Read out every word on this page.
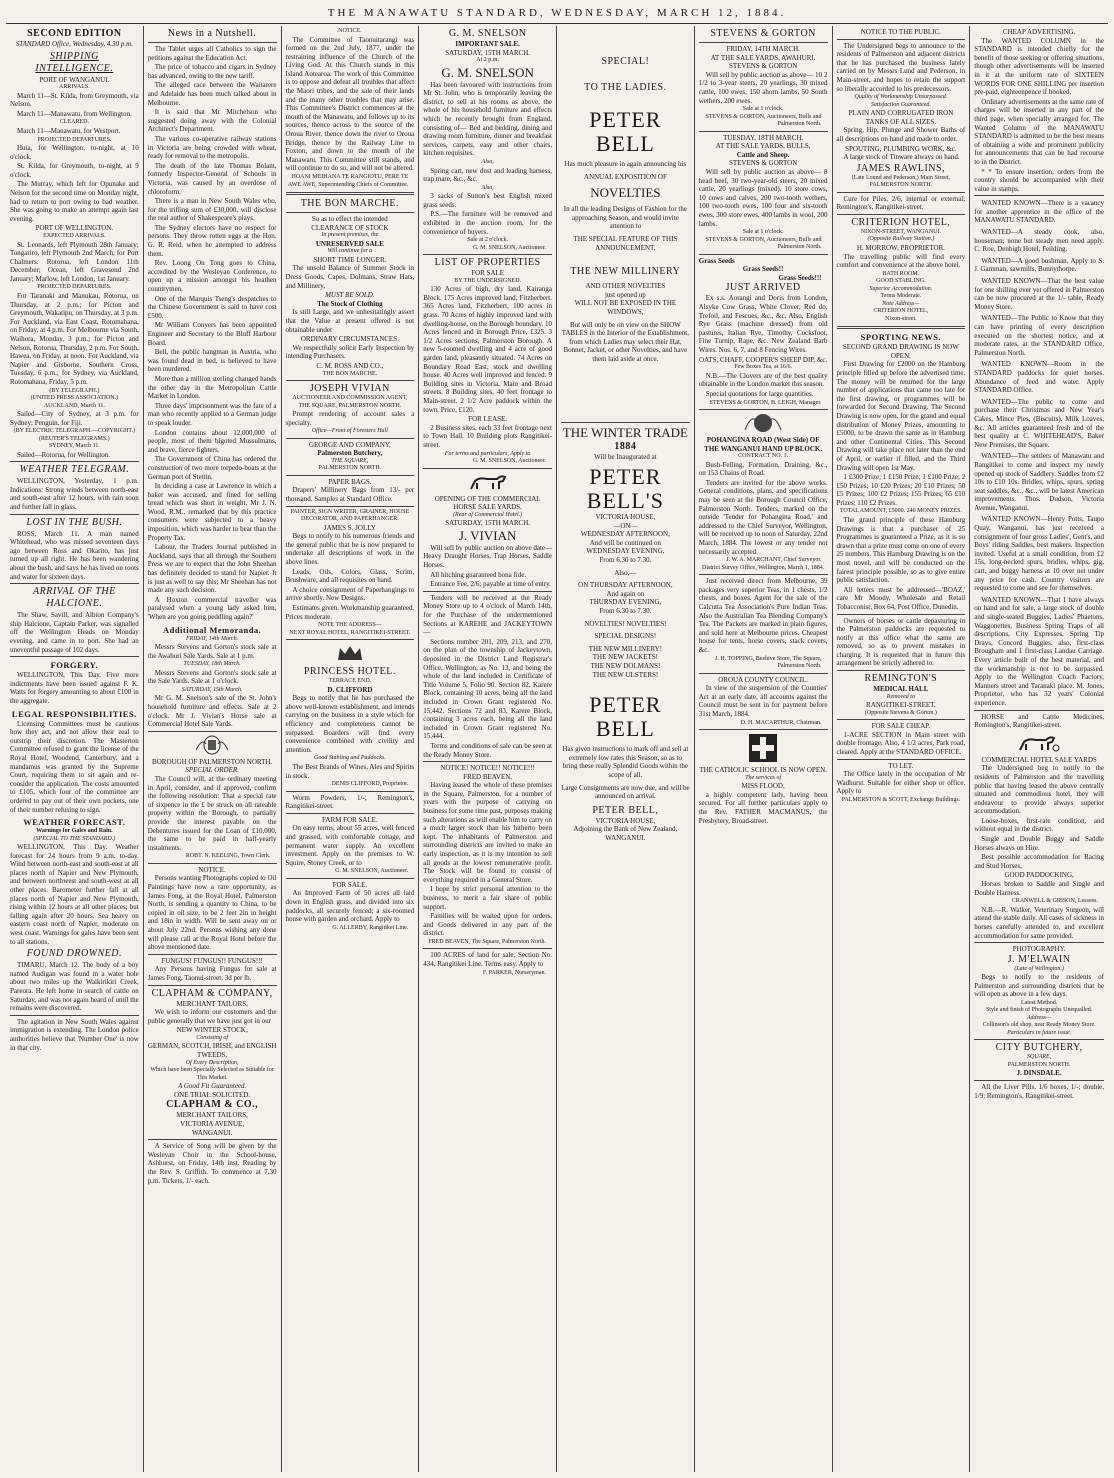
THE MANAWATU STANDARD, WEDNESDAY, MARCH 12, 1884.
SECOND EDITION
STANDARD Office, Wednesday, 4.30 p.m.
SHIPPING INTELLIGENCE.
PORT OF WANGANUI.
ARRIVALS.

March 11—St. Kilda, from Greymouth, via Nelson.

March 11—Manawatu, from Wellington.

CLEARED.

March 11—Manawatu, for Westport.

PROJECTED DEPARTURES.

Huia, for Wellington, to-night, at 10 o'clock.

St. Kilda, for Greymouth, to-night, at 9 o'clock.

The Murray, which left for Opunake and Nelson for the second time on Monday night, had to return to port owing to bad weather. She was going to make an attempt again last evening.

PORT OF WELLINGTON.
EXPECTED ARRIVALS.

St. Leonards, left Plymouth 28th January; Tongariro, left Plymouth 2nd March, for Port Chalmers. Rotorua, left London 11th December; Ocean, left Gravesend 2nd January; Marlow, left London, 1st January.

PROJECTED DEPARTURES.

For Taranaki and Manukau, Rotorua, on Thursday, at 2 p.m.; for Picton and Greymouth, Wakatipu, on Thursday, at 3 p.m. For Auckland, via East Coast, Rotomahana, on Friday, at 4 p.m. For Melbourne via South, Waihora, Monday, 3 p.m.; for Picton and Nelson, Rotorua, Thursday, 2 p.m. For South, Hawea, on Friday, at noon. For Auckland, via Napier and Gisborne, Southern Cross, Tuesday, 6 p.m.; for Sydney, via Auckland, Rotomahana, Friday, 5 p.m.

(BY TELEGRAPH.)
(UNITED PRESS ASSOCIATION.)
AUCKLAND, March 11.

Sailed—City of Sydney, at 3 p.m. for Sydney; Penguin, for Fiji.

(BY ELECTRIC TELEGRAPH.—COPYRIGHT.) (REUTER'S TELEGRAMS.)
SYDNEY, March 11.

Sailed—Rotorua, for Wellington.

WEATHER TELEGRAM.

WELLINGTON, Yesterday, 1 p.m. Indications: Strong winds between north-east and south-east after 12 hours, with rain soon and further fall in glass.

LOST IN THE BUSH.

ROSS, March 11. A man named Whitehead, who was missed seventeen days ago between Ross and Okarito, has just turned up all right. He has been wandering about the bush, and says he has lived on roots and water for sixteen days.

ARRIVAL OF THE HALCIONE.

The Shaw, Savill, and Albion Company's ship Halcione, Captain Parker, was signalled off the Wellington Heads on Monday evening, and came in to port. She had an uneventful passage of 102 days.

FORGERY.

WELLINGTON, This Day. Five more indictments have been issued against F. K. Watts for forgery amounting to about £100 in the aggregate.

LEGAL RESPONSIBILITIES.

Licensing Committees must be cautious how they act, and not allow their zeal to outstrip their discretion. The Masterton Committee refused to grant the license of the Royal Hotel, Woodend, Canterbury, and a mandamus was granted by the Supreme Court, requiring them to sit again and re-consider the application. The costs amounted to £105, which four of the committee are ordered to pay out of their own pockets, one of their number refusing to sign.

WEATHER FORECAST.
Warnings for Gales and Rain.
(SPECIAL TO THE STANDARD.)

WELLINGTON, This Day. Weather forecast for 24 hours from 9 a.m. to-day. Wind between north-east and south-east at all places north of Napier and New Plymouth, and between northwest and south-west at all other places. Barometer further fall at all places north of Napier and New Plymouth, rising within 12 hours at all other places; but falling again after 20 hours. Sea heavy on eastern coast north of Napier, moderate on west coast. Warnings for gales have been sent to all stations.

FOUND DROWNED.

TIMARU, March 12. The body of a boy named Audigan was found in a water hole about two miles up the Waikirikiri Creek, Pareora. He left home in search of cattle on Saturday, and was not again heard of until the remains were discovered.

The agitation in New South Wales against immigration is extending. The London police authorities believe that 'Number One' is now in that city.

News in a Nutshell.

The Tablet urges all Catholics to sign the petitions against the Education Act.

The price of tobacco and cigars in Sydney has advanced, owing to the new tariff.

The alleged race between the Waitarere and Adelaide has been much talked about in Melbourne.

It is said that Mr Mitchelson who suggested doing away with the Colonial Architect's Department.

The various co-operative railway stations in Victoria are being crowded with wheat, ready for removal to the metropolis.

The death of the late Thomas Bolam, formerly Inspector-General of Schools in Victoria, was caused by an overdose of chloroform.

There is a man in New South Wales who, for the trifling sum of £30,000, will disclose the real author of Shakespeare's plays.

The Sydney electors have no respect for persons. They throw rotten eggs at the Hon. G. R. Reid, when he attempted to address them.

Rev. Loong On Tong goes to China, accredited by the Wesleyan Conference, to open up a mission amongst his heathen countrymen.

One of the Marquis Tseng's despatches to the Chinese Government is said to have cost £500.

Mr William Conyers has been appointed Engineer and Secretary to the Bluff Harbour Board.

Bell, the public hangman in Austria, who was found dead in bed, is believed to have been murdered.

More than a million sterling changed hands the other day in the Metropolitan Cattle Market in London.

Three days' imprisonment was the fate of a man who recently applied to a German judge to speak louder.

London contains about 12,000,000 of people, most of them bigoted Mussulmans, and brave, fierce fighters.

The Government of China has ordered the construction of two more torpedo-boats at the German port of Stettin.

In deciding a case at Lawrence in which a baker was accused, and fined for selling bread which was short in weight, Mr J. N. Wood, R.M., remarked that by this practice consumers were subjected to a heavy imposition, which was harder to bear than the Property Tax.

Labour, the Traders Journal published in Auckland, says that all through the Southern Press we are to expect that the John Sheehan has definitely decided to stand for Napier. It is just as well to say this; Mr Sheehan has not made any such decision.

A Hoxton commercial traveller was paralysed when a young lady asked him, 'When are you going peddling again?'

Additional Memoranda.
FRIDAY, 14th March.

Messrs Stevens and Gorton's stock sale at the Awahuri Sale Yards. Sale at 1 p.m.

TUESDAY, 18th March.

Messrs Stevens and Gorton's stock sale at the Sale Yards. Sale at 1 o'clock.

SATURDAY, 15th March.

Mr G. M. Snelson's sale of the St. John's household furniture and effects. Sale at 2 o'clock. Mr J. Vivian's Horse sale at Commercial Hotel Sale Yards.

BOROUGH OF PALMERSTON NORTH.
SPECIAL ORDER.

The Council will, at the ordinary meeting in April, consider, and if approved, confirm the following resolution: That a special rate of sixpence in the £ be struck on all rateable property within the Borough, to partially provide the interest payable on the Debentures issued for the Loan of £10,000, the same to be paid in half-yearly instalments.

ROBT. N. KEELING, Town Clerk.
NOTICE.

Persons wanting Photographs copied to Oil Paintings have now a rare opportunity, as James Fong, at the Royal Hotel, Palmerston North, is sending a quantity to China, to be copied in oil size, to be 2 feet 2in in height and 18in in width. Will be sent away on or about July 22nd. Persons wishing any done will please call at the Royal Hotel before the above mentioned date.

FUNGUS! FUNGUS!! FUNGUS!!!

Any Persons having Fungus for sale at James Fong, Taonui-street. 3d per lb.

CLAPHAM & COMPANY,
MERCHANT TAILORS,

We wish to inform our customers and the public generally that we have just got in our

NEW WINTER STOCK,
Consisting of
GERMAN, SCOTCH, IRISH, and ENGLISH TWEEDS,
Of Every Description,
Which have been Specially Selected as Suitable for This Market.
A Good Fit Guaranteed.
ONE TRIAL SOLICITED.
CLAPHAM & CO.,
MERCHANT TAILORS,
VICTORIA AVENUE,
WANGANUI.

A Service of Song will be given by the Wesleyan Choir in the School-house, Ashhurst, on Friday, 14th inst. Reading by the Rev. S. Griffith. To commence at 7.30 p.m. Tickets, 1/- each.

NOTICE.

The Committee of Taonuitarangi was formed on the 2nd July, 1877, under the restraining influence of the Church of the Living God. At this Church stands in this Island Aotearoa. The work of this Committee is to oppose and defeat all troubles that affect the Maori tribes, and the sale of their lands and the many other troubles that may arise. This Committee's District commences at the mouth of the Manawatu, and follows up to its sources, thence across to the source of the Oroua River, thence down the river to Oroua Bridge, thence by the Railway Line to Foxton, and down to the mouth of the Manawatu. This Committee still stands, and will continue to do so, and will not be altered.

HOANI MEIHANA TE RANGIOTU, PERE TE AWE AWE, Superintending Chiefs of Committee.
THE BON MARCHE.
So as to effect the intended
CLEARANCE OF STOCK
In present premises, the
UNRESERVED SALE
Will continue for a
SHORT TIME LONGER.

The unsold Balance of Summer Stock in Dress Goods, Capes, Dolmans, Straw Hats, and Millinery,

MUST BE SOLD.
The Stock of Clothing

Is still Large, and we unhesitatingly assert that the Value at present offered is not obtainable under

ORDINARY CIRCUMSTANCES.

We respectfully solicit Early Inspection by intending Purchasers.

C. M. ROSS AND CO.,
THE BON MARCHE.
JOSEPH VIVIAN
AUCTIONEER AND COMMISSION AGENT,
THE SQUARE, PALMERSTON NORTH.

Prompt rendering of account sales a specialty.

Office—Front of Foresters Hall
GEORGE AND COMPANY,
Palmerston Butchery,
THE SQUARE,
PALMERSTON NORTH.
PAPER BAGS.

Drapers' Millinery Bags from 13/- per thousand. Samples at Standard Office.

PAINTER, SIGN WRITER, GRAINER, HOUSE DECORATOR, AND PAPERHANGER.
JAMES S. JOLLY

Begs to notify to his numerous friends and the general public that he is now prepared to undertake all descriptions of work in the above lines.

Leads, Oils, Colors, Glass, Scrim, Brushware, and all requisites on hand.

A choice consignment of Paperhangings to arrive shortly. New Designs.

Estimates given. Workmanship guaranteed. Prices moderate.

NOTE THE ADDRESS—
NEXT ROYAL HOTEL, RANGITIKEI-STREET.
PRINCESS HOTEL.
TERRACE END.
D. CLIFFORD

Begs to notify that he has purchased the above well-known establishment, and intends carrying on the business in a style which for efficiency and completeness cannot be surpassed. Boarders will find every convenience combined with civility and attention.

Good Stabling and Paddocks.

The Best Brands of Wines, Ales and Spirits in stock.

DENIS CLIFFORD, Proprietor.

Worm Powders, 1/-; Remington's, Rangitikei-street.

FARM FOR SALE.

On easy terms, about 55 acres, well fenced and grassed, with comfortable cottage, and permanent water supply. An excellent investment. Apply on the premises to W. Squire, Stoney Creek, or to

G. M. SNELSON, Auctioneer.
FOR SALE.

An Improved Farm of 50 acres all laid down in English grass, and divided into six paddocks, all securely fenced; a six-roomed house with garden and orchard. Apply to

G. ALLERBY, Rangitikei Line.
G. M. SNELSON
IMPORTANT SALE.
SATURDAY, 15TH MARCH.
At 2 p.m.
G. M. SNELSON

Has been favoured with instructions from Mr St. John, who is temporarily leaving the district, to sell at his rooms as above, the whole of his household furniture and effects which he recently brought from England, consisting of— Bed and bedding, dining and drawing room furniture, dinner and breakfast services, carpets, easy and other chairs, kitchen requisites.

Also,

Spring cart, new dust and leading harness, trap mare, &c., &c.

Also,

3 sacks of Sutton's best English mixed grass seeds.

P.S.—The furniture will be removed and exhibited in the auction room, for the convenience of buyers.

Sale at 2 o'clock.
G. M. SNELSON, Auctioneer.
LIST OF PROPERTIES
FOR SALE
BY THE UNDERSIGNED.

130 Acres of high, dry land, Kairanga Block. 175 Acres improved land, Fitzherbert. 365 Acres land, Fitzherbert, 100 acres in grass. 70 Acres of highly improved land with dwelling-house, on the Borough boundary. 10 Acres fenced and in Borough Price, £325. 3 1/2 Acres sections, Palmerston Borough. A new 5-roomed dwelling and 4 acre of good garden land, pleasantly situated. 74 Acres on Boundary Road East, stock and dwelling house. 40 Acres well improved and fenced. 9 Building sites in Victoria, Main and Broad streets. 8 Building sites, 40 feet frontage to Main-street. 2 1/2 Acre paddock within the town. Price, £120.

FOR LEASE.

2 Business sites, each 33 feet frontage next to Town Hall. 10 Building plots Rangitikei-street.

For terms and particulars, Apply to
G. M. SNELSON, Auctioneer.
OPENING OF THE COMMERCIAL HORSE SALE YARDS.
(Rear of Commercial Hotel.)
SATURDAY, 15TH MARCH.
J. VIVIAN

Will sell by public auction on above date— Heavy Draught Horses, Trap Horses, Saddle Horses.

All hitching guaranteed bona fide.

Entrance Fee, 2/6; payable at time of entry.

Tenders will be received at the Ready Money Store up to 4 o'clock of March 14th, for the Purchase of the undermentioned Sections at KAREHE and JACKEYTOWN—

Sections number 201, 209, 213, and 270, on the plan of the township of Jackeytown, deposited in the District Land Registrar's Office, Wellington, as No. 13, and being the whole of the land included in Certificate of Title Volume 5, Folio 90. Section 82, Karere Block, containing 10 acres, being all the land included in Crown Grant registered No. 15,442. Sections 72 and 83, Karere Block, containing 3 acres each, being all the land included in Crown Grant registered No. 15,444.

Terms and conditions of sale can be seen at the Ready Money Store.

NOTICE! NOTICE!! NOTICE!!!
FRED BEAVEN,

Having leased the whole of these premises in the Square, Palmerston, for a number of years with the purpose of carrying on business for some time past, purposes making such alterations as will enable him to carry on a much larger stock than his hitherto been kept. The inhabitants of Palmerston and surrounding districts are invited to make an early inspection, as it is my intention to sell all goods at the lowest remunerative profit. The Stock will be found to consist of everything required in a General Store.

I hope by strict personal attention to the business, to merit a fair share of public support.

Families will be waited upon for orders, and Goods delivered in any part of the district.

FRED BEAVEN, The Square, Palmerston North.

100 ACRES of land for sale, Section No. 434, Rangitikei Line. Terms easy. Apply to

F. PARKER, Nurseryman.
SPECIAL!
TO THE LADIES.
PETER BELL
Has much pleasure in again announcing his
ANNUAL EXPOSITION OF
NOVELTIES
In all the leading Designs of Fashion for the approaching Season, and would invite attention to
THE SPECIAL FEATURE OF THIS ANNOUNCEMENT,
THE NEW MILLINERY
AND OTHER NOVELTIES
just opened up
WILL NOT BE EXPOSED IN THE WINDOWS,
But will only be on view on the SHOW TABLES in the Interior of the Establishment, from which Ladies may select their Hat, Bonnet, Jacket, or other Novelties, and have them laid aside at once.
THE WINTER TRADE
1884
Will be Inaugurated at
PETER BELL'S
VICTORIA HOUSE,
—ON—
WEDNESDAY AFTERNOON,
And will be continued on
WEDNESDAY EVENING,
From 6.30 to 7.30.
Also,—
ON THURSDAY AFTERNOON,
And again on
THURSDAY EVENING,
From 6.30 to 7.30.
NOVELTIES! NOVELTIES!
SPECIAL DESIGNS!
THE NEW MILLINERY!
THE NEW JACKETS!
THE NEW DOLMANS!
THE NEW ULSTERS!
PETER BELL
Has given instructions to mark off and sell at extremely low rates this Season, so as to bring these really Splendid Goods within the scope of all.
Large Consignments are now due, and will be announced on arrival.
PETER BELL,
VICTORIA HOUSE,
Adjoining the Bank of New Zealand,
WANGANUI.
STEVENS & GORTON
FRIDAY, 14TH MARCH.
AT THE SALE YARDS, AWAHURI.
STEVENS & GORTON

Will sell by public auction as above— 10 2 1/2 to 3-year steers, 20 yearlings, 30 mixed cattle, 100 ewes, 150 ahorn lambs, 50 South wethers, 200 ewes.

Sale at 1 o'clock.
STEVENS & GORTON, Auctioneers, Bulls and Palmerston North.
TUESDAY, 18TH MARCH.
AT THE SALE YARDS, BULLS,
Cattle and Sheep.
STEVENS & GORTON

Will sell by public auction as above— 8 head beef, 30 two-year-old steers, 20 mixed cattle, 20 yearlings (mixed), 10 store cows, 10 cows and calves, 200 two-tooth wethers, 100 two-tooth ewes, 100 four and six-tooth ewes, 300 store ewes, 400 lambs in wool, 200 lambs.

Sale at 1 o'clock.
STEVENS & GORTON, Auctioneers, Bulls and Palmerston North.
Grass Seeds
Grass Seeds!!
Grass Seeds!!!
JUST ARRIVED

Ex s.s. Aorangi and Doris from London, Alsyke Cow Grass, White Clover, Red do, Trefoil, and Fescues, &c., &c. Also, English Rye Grass (machine dressed) from old pastures, Italian Rye, Timothy, Cocksfoot, Fine Turnip, Rape, &c. New Zealand Barb Wires. Nos. 6, 7, and 8 Fencing Wires.

OATS, CHAFF, COOPER'S SHEEP DIP, &c.
Few Boxes Tea, at 16/6.

N.B.—The Clovers are of the best quality obtainable in the London market this season.

Special quotations for large quantities.

STEVENS & GORTON, B. LEIGH, Manager.
POHANGINA ROAD (West Side) OF THE WANGANUI HAND UP BLOCK.
CONTRACT NO. 1.

Bush-Felling, Formation, Draining, &c., on 153 Chains of Road.

Tenders are invited for the above works. General conditions, plans, and specifications may be seen at the Borough Council Office, Palmerston North. Tenders, marked on the outside 'Tender for Pohangina Road,' and addressed to the Chief Surveyor, Wellington, will be received up to noon of Saturday, 22nd March, 1884. The lowest or any tender not necessarily accepted.

J. W. A. MARCHANT, Chief Surveyor.
District Survey Office, Wellington, March 1, 1884.

Just received direct from Melbourne, 39 packages very superior Teas, in 1 chests, 1/2 chests, and boxes. Agent for the sale of the Calcutta Tea Association's Pure Indian Teas. Also the Australian Tea Blending Company's Tea. The Packets are marked in plain figures, and sold here at Melbourne prices. Cheapest house for tents, horse covers, stack covers, &c.

J. H. TOPPING, Beehive Store, The Square, Palmerston North.
OROUA COUNTY COUNCIL.

In view of the suspension of the Counties' Act at an early date, all accounts against the Council must be sent in for payment before 31st March, 1884.

D. H. MACARTHUR, Chairman.
THE CATHOLIC SCHOOL IS NOW OPEN.
The services of
MISS FLOOD,

a highly competent lady, having been secured. For all further particulars apply to the Rev. FATHER MACMANUS, the Presbytery, Broad-street.

NOTICE TO THE PUBLIC.

The Undersigned begs to announce to the residents of Palmerston and adjacent districts that he has purchased the business lately carried on by Messrs Lund and Pederson, in Main-street, and hopes to retain the support so liberally accorded to his predecessors.

Quality of Workmanship Unsurpassed.
Satisfaction Guaranteed.
PLAIN AND CORRUGATED IRON TANKS OF ALL SIZES.

Spring, Hip, Plunge and Shower Baths of all descriptions on hand and made to order.

SPOUTING, PLUMBING WORK, &c.

A large stock of Tinware always on hand.

JAMES RAWLINS,
(Late Lound and Pederson,) Main Street, PALMERSTON NORTH.

Cure for Piles, 2/6, internal or external; Remington's, Rangitikei-street.

CRITERION HOTEL,
NIXON-STREET, WANGANUI.
(Opposite Railway Station.)
H. MORROW, PROPRIETOR.

The travelling public will find every comfort and convenience at the above hotel.

BATH ROOM.
GOOD STABLING.
Superior Accommodation.
Terms Moderate.
Note Address—
CRITERION HOTEL,
Nixon-street.
SPORTING NEWS.
SECOND GRAND DRAWING IS NOW OPEN.

First Drawing for £2000 on the Hamburg principle filled up before the advertised time. The money will be returned for the large number of applications that came too late for the first drawing, or programmes will be forwarded for Second Drawing. The Second Drawing is now open, for the grand and equal distribution of Money Prizes, amounting to £5000, to be drawn the same as in Hamburg and other Continental Cities. This Second Drawing will take place not later than the end of April, or earlier if filled, and the Third Drawing will open 1st May.

1 £300 Prize; 1 £150 Prize; 1 £100 Prize; 2 £50 Prizes; 10 £20 Prizes; 20 £10 Prizes; 50 £5 Prizes; 100 £2 Prizes; 155 Prizes; 65 £10 Prizes; 110 £2 Prizes.

TOTAL AMOUNT, £5000. 240 MONEY PRIZES.

The grand principle of these Hamburg Drawings is that a purchaser of 25 Programmes is guaranteed a Prize, as it is so drawn that a prize must come on one of every 25 numbers. This Hamburg Drawing is on the most novel, and will be conducted on the fairest principle possible, so as to give entire public satisfaction.

All letters must be addressed—'BOAZ,' care Mr Moody, Wholesale and Retail Tobacconist, Box 64, Post Office, Dunedin.

Owners of horses or cattle depasturing in the Palmerston paddocks are requested to notify at this office what the same are removed, so as to prevent mistakes in charging. It is requested that in future this arrangement be strictly adhered to.

REMINGTON'S
MEDICAL HALL
Removed to
RANGITIKEI-STREET,
(Opposite Stevens & Gorton.)
FOR SALE CHEAP.

1-ACRE SECTION in Main street with double frontage, Also, 4 1/2 acres, Park road, cleared. Apply at the STANDARD OFFICE.

TO LET.

The Office lately in the occupation of Mr Wadhurst. Suitable for either shop or office. Apply to

PALMERSTON & SCOTT, Exchange Buildings.
CHEAP ADVERTISING.

The WANTED COLUMN in the STANDARD is intended chiefly for the benefit of those seeking or offering situations, though other advertisements will be inserted in it at the uniform rate of SIXTEEN WORDS FOR ONE SHILLING per insertion pre-paid, eighteenpence if booked.

Ordinary advertisements at the same rate of charges will be inserted in any part of the third page, when specially arranged for. The Wanted Column of the MANAWATU STANDARD is admitted to be the best means of obtaining a wide and prominent publicity for announcements that can be had recourse to in the District.

* * To ensure insertion, orders from the country should be accompanied with their value in stamps.

WANTED KNOWN—There is a vacancy for another apprentice in the office of the MANAWATU STANDARD.

WANTED—A steady cook, also, houseman; none but steady men need apply. C. Roe, Denbigh Hotel, Feilding.

WANTED—A good bushman. Apply to S. J. Gamman, sawmills, Bunnythorpe.

WANTED KNOWN—That the best value for one shilling ever yet offered in Palmerston can be now procured at the 1/- table, Ready Money Store.

WANTED—The Public to Know that they can have printing of every description executed on the shortest notice, and at moderate rates, at the STANDARD Office, Palmerston North.

WANTED KNOWN—Room in the STANDARD paddocks for quiet horses. Abundance of feed and water. Apply STANDARD Office.

WANTED—The public to come and purchase their Christmas and New Year's Cakes, Mince Pies, (Biscuits), Milk Loaves, &c. All articles guaranteed fresh and of the best quality at C. WHITEHEAD'S, Baker New Premises, the Square.

WANTED—The settlers of Manawatu and Rangitikei to come and inspect my newly opened up stock of Saddlery. Saddles from £2 10s to £10 10s. Bridles, whips, spurs, spring seat saddles, &c., &c., will be latest American improvements. Thos. Dudson, Victoria Avenue, Wanganui.

WANTED KNOWN—Henry Potts, Taupo Quay, Wanganui, has just received a consignment of four gross Ladies', Gent's, and Boys' riding Saddles, best makers. Inspection invited. Useful at a small condition, from £2 15s, long-necked spurs, bridles, whips, gig, cart, and buggy harness at 10 over net under any price for cash. Country visitors are requested to come and see for themselves.

WANTED KNOWN—That I have always on hand and for sale, a large stock of double and single-seated Buggies, Ladies' Phaetons, Waggonettes, Business Spring Traps of all descriptions, City Expresses, Spring Tip Drays, Concord Buggies, also, first-class Brougham and 1 first-class Landau Carriage. Every article built of the best material, and the workmanship is not to be surpassed. Apply to the Wellington Coach Factory, Manners street and Taranaki place. M. Jones, Proprietor, who has 32 years' Colonial experience.

HORSE and Cattle Medicines, Remington's, Rangitikei-street.

COMMERCIAL HOTEL SALE YARDS

The Undersigned beg to notify to the residents of Palmerston and the travelling public that having leased the above centrally situated and commodious hotel, they will endeavour to provide always superior accommodation.

Loose-boxes, first-rate condition, and without equal in the district.

Single and Double Buggy and Saddle Horses always on Hire.

Best possible accommodation for Racing and Stud Horses,

GOOD PADDOCKING,

Horses broken to Saddle and Single and Double Harness.

CRANWELL & GIBSON, Lessees.

N.B.—R. Walker, Veterinary Surgeon, will attend the stable daily. All cases of sickness in horses carefully attended to, and excellent accommodation for same provided.

PHOTOGRAPHY.
J. M'ELWAIN
(Late of Wellington.)

Begs to notify to the residents of Palmerston and surrounding districts that he will open as above in a few days.

Latest Method.
Style and finish of Photographs Unequalled.
Address—
Collinson's old shop, near Ready Money Store.
Particulars in future issue.
CITY BUTCHERY,
SQUARE,
PALMERSTON NORTH.
J. DINSDALE.

All the Liver Pills, 1/6 boxes, 1/-; double, 1/9; Remington's, Rangitikei-street.
